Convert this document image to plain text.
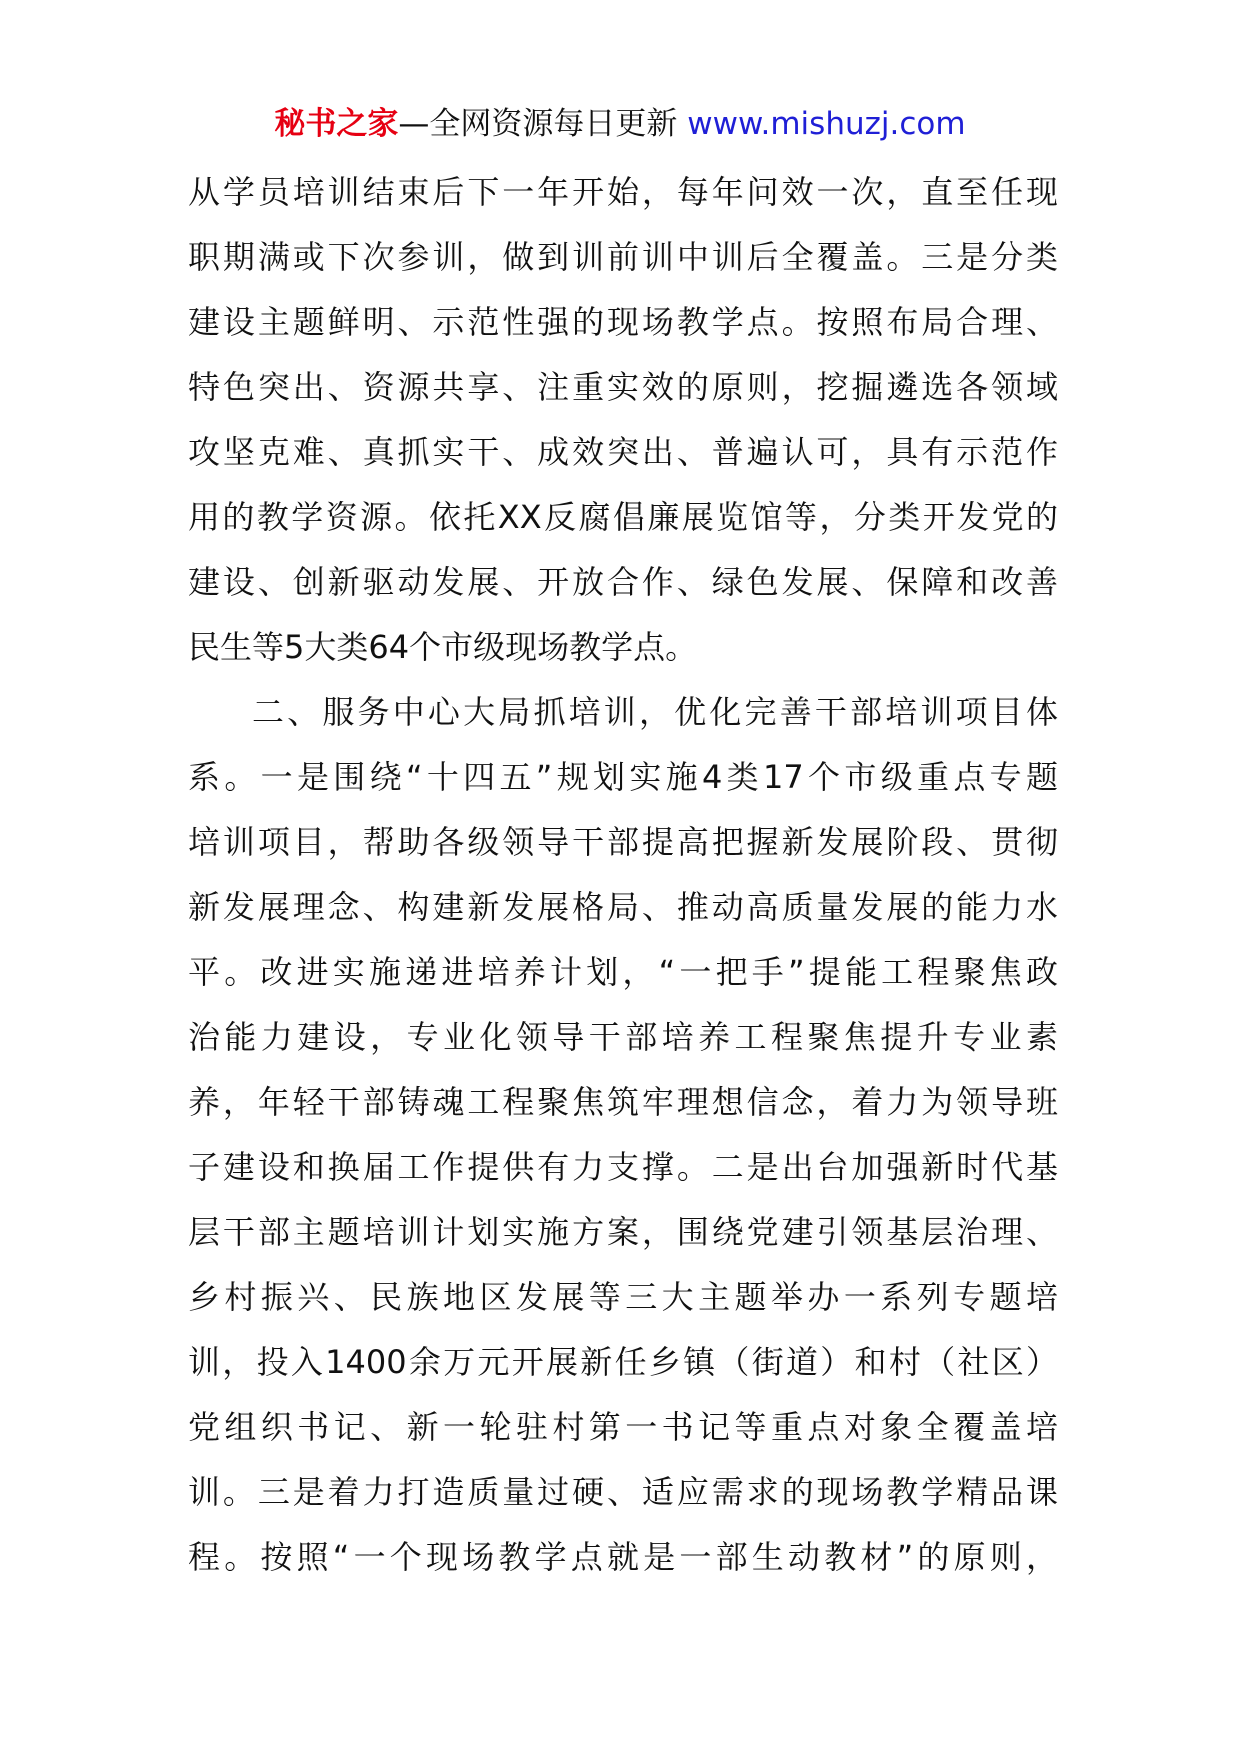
秘书之家—全网资源每日更新 www.mishuzj.com
从学员培训结束后下一年开始，每年问效一次，直至任现
职期满或下次参训，做到训前训中训后全覆盖。三是分类
建设主题鲜明、示范性强的现场教学点。按照布局合理、
特色突出、资源共享、注重实效的原则，挖掘遴选各领域
攻坚克难、真抓实干、成效突出、普遍认可，具有示范作
用的教学资源。依托XX反腐倡廉展览馆等，分类开发党的
建设、创新驱动发展、开放合作、绿色发展、保障和改善
民生等5大类64个市级现场教学点。
二、服务中心大局抓培训，优化完善干部培训项目体
系。一是围绕“十四五”规划实施4类17个市级重点专题
培训项目，帮助各级领导干部提高把握新发展阶段、贯彻
新发展理念、构建新发展格局、推动高质量发展的能力水
平。改进实施递进培养计划，“一把手”提能工程聚焦政
治能力建设，专业化领导干部培养工程聚焦提升专业素
养，年轻干部铸魂工程聚焦筑牢理想信念，着力为领导班
子建设和换届工作提供有力支撑。二是出台加强新时代基
层干部主题培训计划实施方案，围绕党建引领基层治理、
乡村振兴、民族地区发展等三大主题举办一系列专题培
训，投入1400余万元开展新任乡镇（街道）和村（社区）
党组织书记、新一轮驻村第一书记等重点对象全覆盖培
训。三是着力打造质量过硬、适应需求的现场教学精品课
程。按照“一个现场教学点就是一部生动教材”的原则，
